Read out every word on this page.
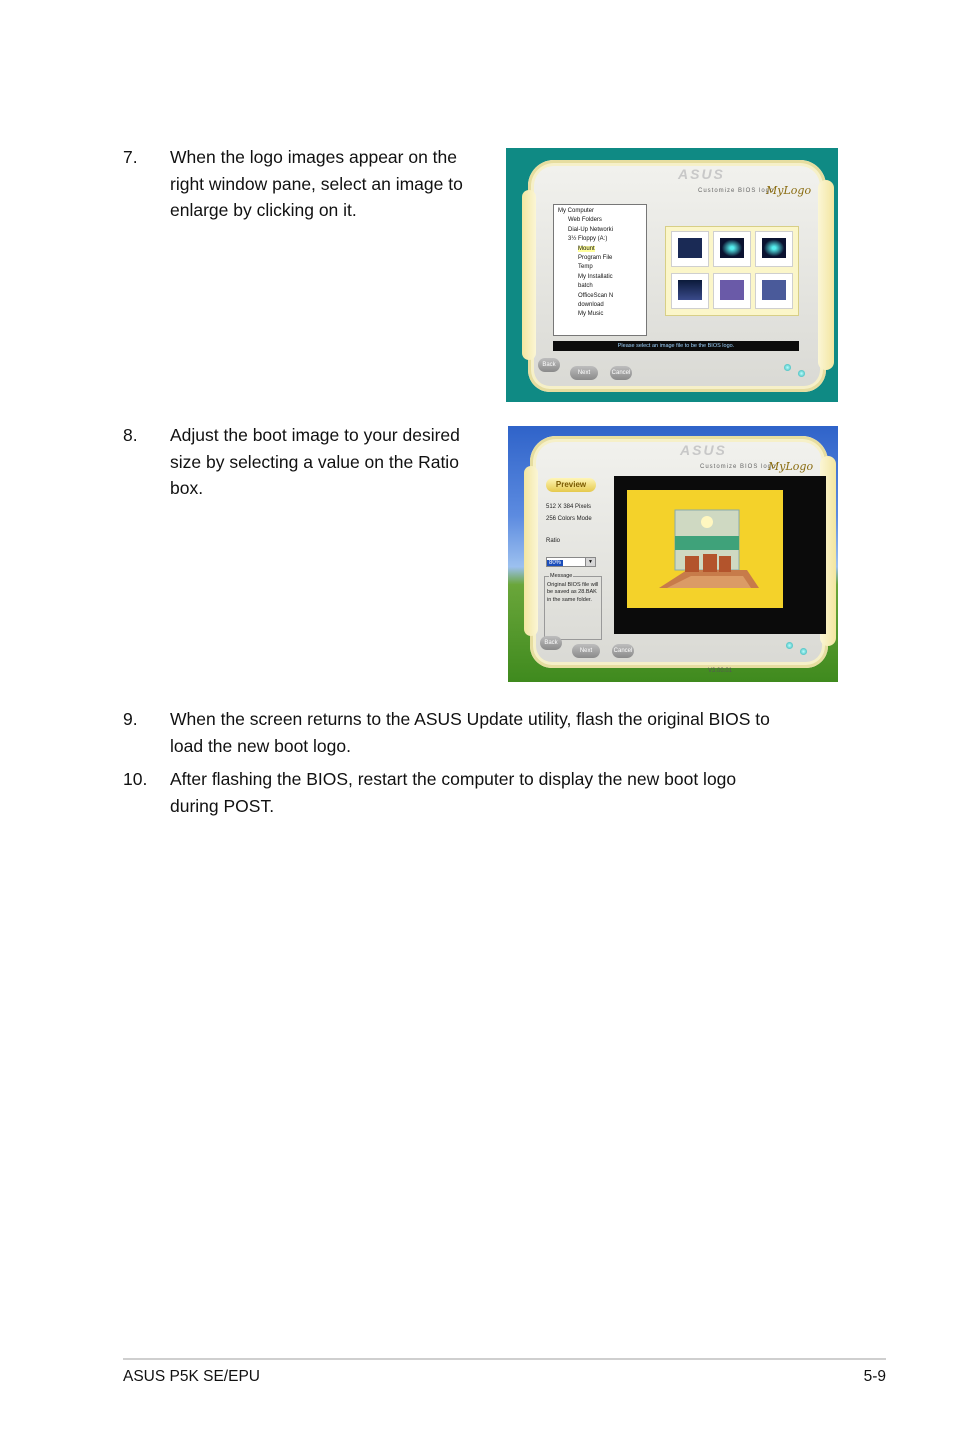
7. When the logo images appear on the
right window pane, select an image to
enlarge by clicking on it.
ASUS
Customize BIOS logo
MyLogo
My Computer
Web Folders
Dial-Up Networki
3½ Floppy (A:)
Mount
Program File
Temp
My Installatic
batch
OfficeScan N
download
My Music
Please select an image file to be the BIOS logo.
Back
Next	Cancel
8. Adjust the boot image to your desired
size by selecting a value on the Ratio
box.
ASUS
Customize BIOS logo
MyLogo
Preview
512 X 384 Pixels
256 Colors Mode
Ratio
80%	▼
Message
Original BIOS file will be saved as 28.BAK in the same folder.
Back
Next	Cancel
V3.00.01
9. When the screen returns to the ASUS Update utility, flash the original BIOS to
load the new boot logo.
10. After flashing the BIOS, restart the computer to display the new boot logo
during POST.
ASUS P5K SE/EPU	5-9
